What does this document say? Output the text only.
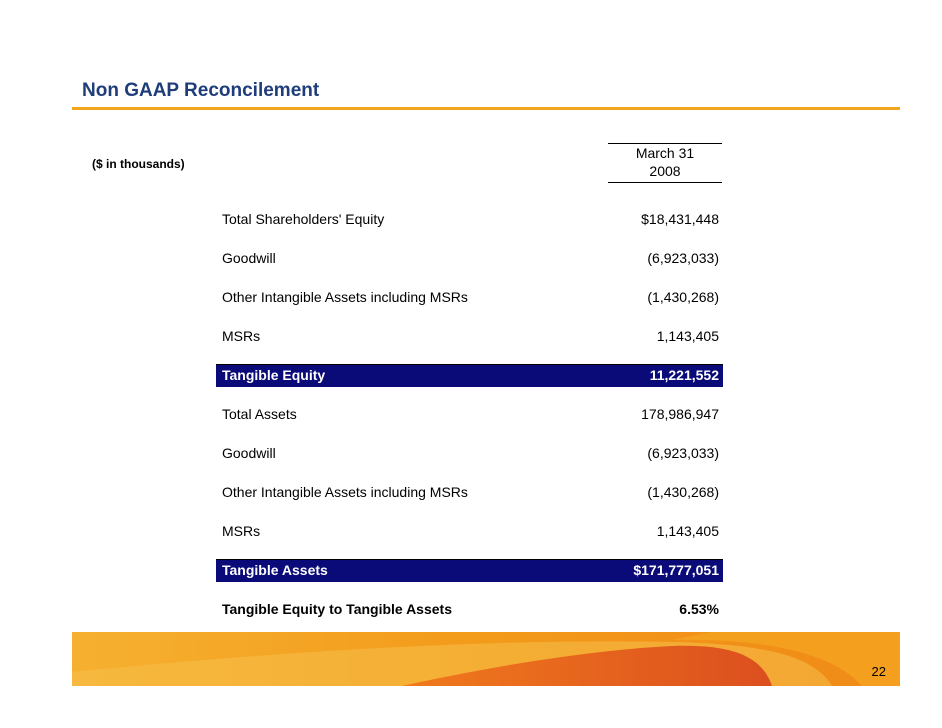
Non GAAP Reconcilement
($ in thousands)
March 31
2008
Total Shareholders' Equity	$18,431,448
Goodwill	(6,923,033)
Other Intangible Assets including MSRs	(1,430,268)
MSRs	1,143,405
Tangible Equity	11,221,552
Total Assets	178,986,947
Goodwill	(6,923,033)
Other Intangible Assets including MSRs	(1,430,268)
MSRs	1,143,405
Tangible Assets	$171,777,051
Tangible Equity to Tangible Assets	6.53%
22
